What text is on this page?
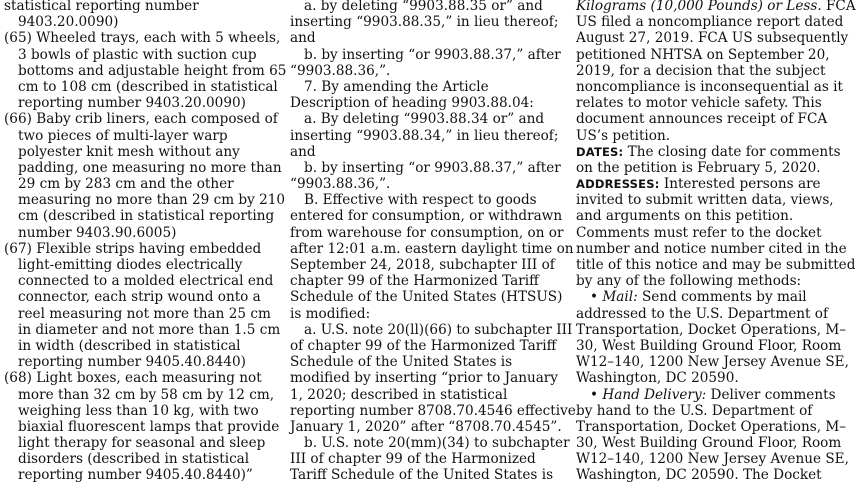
statistical reporting number
9403.20.0090)
(65) Wheeled trays, each with 5 wheels,
3 bowls of plastic with suction cup
bottoms and adjustable height from 65
cm to 108 cm (described in statistical
reporting number 9403.20.0090)
(66) Baby crib liners, each composed of
two pieces of multi-layer warp
polyester knit mesh without any
padding, one measuring no more than
29 cm by 283 cm and the other
measuring no more than 29 cm by 210
cm (described in statistical reporting
number 9403.90.6005)
(67) Flexible strips having embedded
light-emitting diodes electrically
connected to a molded electrical end
connector, each strip wound onto a
reel measuring not more than 25 cm
in diameter and not more than 1.5 cm
in width (described in statistical
reporting number 9405.40.8440)
(68) Light boxes, each measuring not
more than 32 cm by 58 cm by 12 cm,
weighing less than 10 kg, with two
biaxial fluorescent lamps that provide
light therapy for seasonal and sleep
disorders (described in statistical
reporting number 9405.40.8440)”
a. by deleting “9903.88.35 or” and
inserting “9903.88.35,” in lieu thereof;
and
b. by inserting “or 9903.88.37,” after
“9903.88.36,”.
7. By amending the Article
Description of heading 9903.88.04:
a. By deleting “9903.88.34 or” and
inserting “9903.88.34,” in lieu thereof;
and
b. by inserting “or 9903.88.37,” after
“9903.88.36,”.
B. Effective with respect to goods
entered for consumption, or withdrawn
from warehouse for consumption, on or
after 12:01 a.m. eastern daylight time on
September 24, 2018, subchapter III of
chapter 99 of the Harmonized Tariff
Schedule of the United States (HTSUS)
is modified:
a. U.S. note 20(ll)(66) to subchapter III
of chapter 99 of the Harmonized Tariff
Schedule of the United States is
modified by inserting “prior to January
1, 2020; described in statistical
reporting number 8708.70.4546 effective
January 1, 2020” after “8708.70.4545”.
b. U.S. note 20(mm)(34) to subchapter
III of chapter 99 of the Harmonized
Tariff Schedule of the United States is
Kilograms (10,000 Pounds) or Less. FCA
US filed a noncompliance report dated
August 27, 2019. FCA US subsequently
petitioned NHTSA on September 20,
2019, for a decision that the subject
noncompliance is inconsequential as it
relates to motor vehicle safety. This
document announces receipt of FCA
US’s petition.
DATES: The closing date for comments
on the petition is February 5, 2020.
ADDRESSES: Interested persons are
invited to submit written data, views,
and arguments on this petition.
Comments must refer to the docket
number and notice number cited in the
title of this notice and may be submitted
by any of the following methods:
• Mail: Send comments by mail
addressed to the U.S. Department of
Transportation, Docket Operations, M–
30, West Building Ground Floor, Room
W12–140, 1200 New Jersey Avenue SE,
Washington, DC 20590.
• Hand Delivery: Deliver comments
by hand to the U.S. Department of
Transportation, Docket Operations, M–
30, West Building Ground Floor, Room
W12–140, 1200 New Jersey Avenue SE,
Washington, DC 20590. The Docket
